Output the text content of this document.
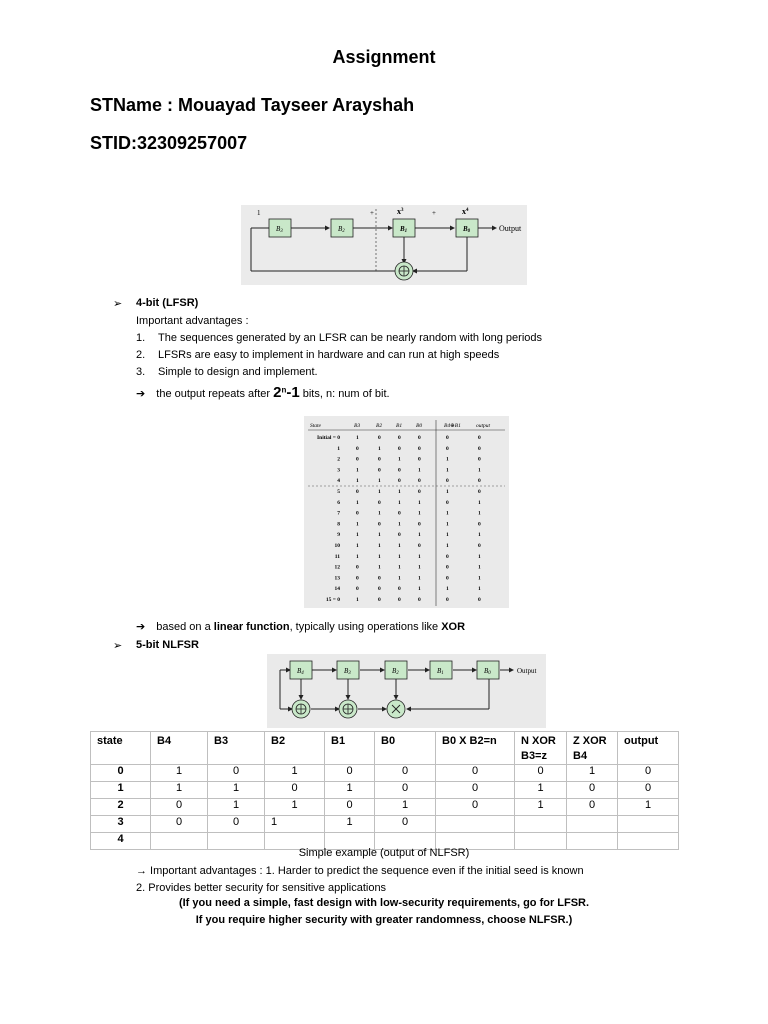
Assignment
STName : Mouayad Tayseer Arayshah
STID:32309257007
1	+	$x^3$	+	$x^4$
B3	B2	B1	B0	Output
➢ 4-bit (LFSR)
Important advantages :
1. The sequences generated by an LFSR can be nearly random with long periods
2. LFSRs are easy to implement in hardware and can run at high speeds
3. Simple to design and implement.
➔ the output repeats after 2$^n$-1 bits, n: num of bit.
State	B3	B2	B1	B0	B4⊕B1	output
Initial = 0	1	0	0	0	0	0
1	0	1	0	0	0	0
2	0	0	1	0	1	0
3	1	0	0	1	1	1
4	1	1	0	0	0	0
5	0	1	1	0	1	0
6	1	0	1	1	0	1
7	0	1	0	1	1	1
8	1	0	1	0	1	0
9	1	1	0	1	1	1
10	1	1	1	0	1	0
11	1	1	1	1	0	1
12	0	1	1	1	0	1
13	0	0	1	1	0	1
14	0	0	0	1	1	1
15 = 0	1	0	0	0	0	0
➔ based on a linear function, typically using operations like XOR
➢ 5-bit NLFSR
B4	B3	B2	B1	B0	Output
state	B4	B3	B2	B1	B0	B0 X B2=n	N XOR B3=z	Z XOR B4	output
0	1	0	1	0	0	0	0	1	0
1	1	1	0	1	0	0	1	0	0
2	0	1	1	0	1	0	1	0	1
3	0	0	1	1	0				
4									
Simple example (output of NLFSR)
→ Important advantages : 1. Harder to predict the sequence even if the initial seed is known
2. Provides better security for sensitive applications
(If you need a simple, fast design with low-security requirements, go for LFSR.
If you require higher security with greater randomness, choose NLFSR.)
